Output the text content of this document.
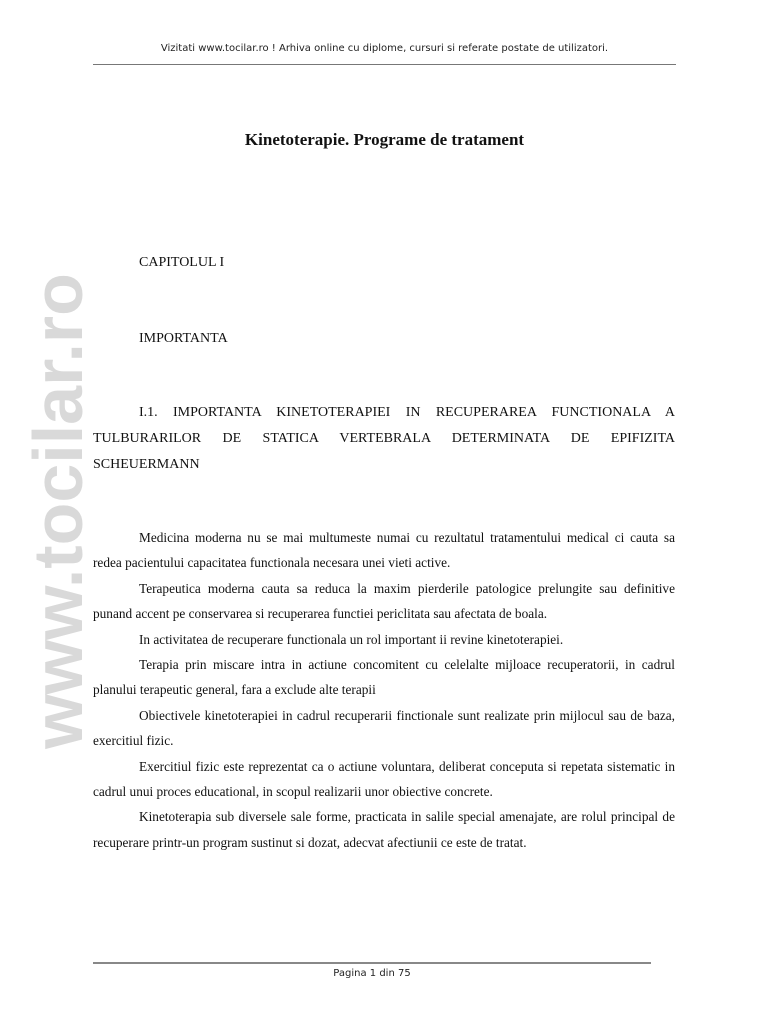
Vizitati www.tocilar.ro ! Arhiva online cu diplome, cursuri si referate postate de utilizatori.
www.tocilar.ro
Kinetoterapie. Programe de tratament

CAPITOLUL I

IMPORTANTA

I.1. IMPORTANTA KINETOTERAPIEI IN RECUPERAREA FUNCTIONALA A TULBURARILOR DE STATICA VERTEBRALA DETERMINATA DE EPIFIZITA SCHEUERMANN

Medicina moderna nu se mai multumeste numai cu rezultatul tratamentului medical ci cauta sa redea pacientului capacitatea functionala necesara unei vieti active.

Terapeutica moderna cauta sa reduca la maxim pierderile patologice prelungite sau definitive punand accent pe conservarea si recuperarea functiei periclitata sau afectata de boala.

In activitatea de recuperare functionala un rol important ii revine kinetoterapiei.

Terapia prin miscare intra in actiune concomitent cu celelalte mijloace recuperatorii, in cadrul planului terapeutic general, fara a exclude alte terapii

Obiectivele kinetoterapiei in cadrul recuperarii finctionale sunt realizate prin mijlocul sau de baza, exercitiul fizic.

Exercitiul fizic este reprezentat ca o actiune voluntara, deliberat conceputa si repetata sistematic in cadrul unui proces educational, in scopul realizarii unor obiective concrete.

Kinetoterapia sub diversele sale forme, practicata in salile special amenajate, are rolul principal de recuperare printr-un program sustinut si dozat, adecvat afectiunii ce este de tratat.

Pagina 1 din 75
